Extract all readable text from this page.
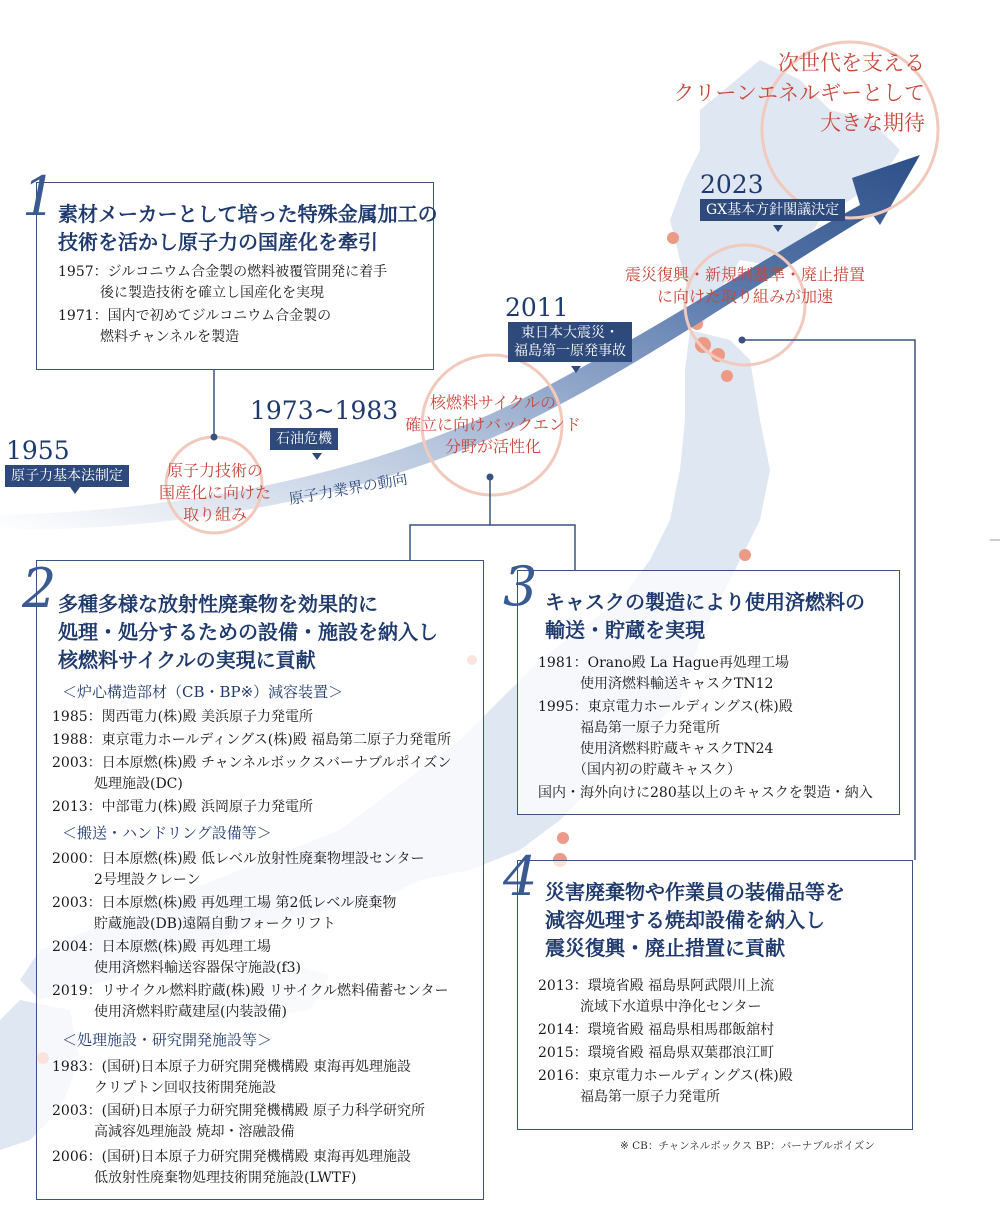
次世代を支える
クリーンエネルギーとして
大きな期待
1955
原子力基本法制定
1973~1983
石油危機
2011
東日本大震災・
福島第一原発事故
2023
GX基本方針閣議決定
原子力業界の動向
原子力技術の
国産化に向けた
取り組み
核燃料サイクルの
確立に向けバックエンド
分野が活性化
震災復興・新規制基準・廃止措置
に向けた取り組みが加速
1 素材メーカーとして培った特殊金属加工の
技術を活かし原子力の国産化を牽引
1957：ジルコニウム合金製の燃料被覆管開発に着手
　　　後に製造技術を確立し国産化を実現
1971：国内で初めてジルコニウム合金製の
　　　燃料チャンネルを製造
2 多種多様な放射性廃棄物を効果的に
処理・処分するための設備・施設を納入し
核燃料サイクルの実現に貢献
＜炉心構造部材（CB・BP※）減容装置＞
1985：関西電力(株)殿 美浜原子力発電所
1988：東京電力ホールディングス(株)殿 福島第二原子力発電所
2003：日本原燃(株)殿 チャンネルボックスバーナブルポイズン
　　　処理施設(DC)
2013：中部電力(株)殿 浜岡原子力発電所
＜搬送・ハンドリング設備等＞
2000：日本原燃(株)殿 低レベル放射性廃棄物埋設センター
　　　2号埋設クレーン
2003：日本原燃(株)殿 再処理工場 第2低レベル廃棄物
　　　貯蔵施設(DB)遠隔自動フォークリフト
2004：日本原燃(株)殿 再処理工場
　　　使用済燃料輸送容器保守施設(f3)
2019：リサイクル燃料貯蔵(株)殿 リサイクル燃料備蓄センター
　　　使用済燃料貯蔵建屋(内装設備)
＜処理施設・研究開発施設等＞
1983：(国研)日本原子力研究開発機構殿 東海再処理施設
　　　クリプトン回収技術開発施設
2003：(国研)日本原子力研究開発機構殿 原子力科学研究所
　　　高減容処理施設 焼却・溶融設備
2006：(国研)日本原子力研究開発機構殿 東海再処理施設
　　　低放射性廃棄物処理技術開発施設(LWTF)
3 キャスクの製造により使用済燃料の
輸送・貯蔵を実現
1981：Orano殿 La Hague再処理工場
　　　使用済燃料輸送キャスクTN12
1995：東京電力ホールディングス(株)殿
　　　福島第一原子力発電所
　　　使用済燃料貯蔵キャスクTN24
　　　（国内初の貯蔵キャスク）
国内・海外向けに280基以上のキャスクを製造・納入
4 災害廃棄物や作業員の装備品等を
減容処理する焼却設備を納入し
震災復興・廃止措置に貢献
2013：環境省殿 福島県阿武隈川上流
　　　流域下水道県中浄化センター
2014：環境省殿 福島県相馬郡飯舘村
2015：環境省殿 福島県双葉郡浪江町
2016：東京電力ホールディングス(株)殿
　　　福島第一原子力発電所
※ CB：チャンネルボックス BP：バーナブルポイズン
